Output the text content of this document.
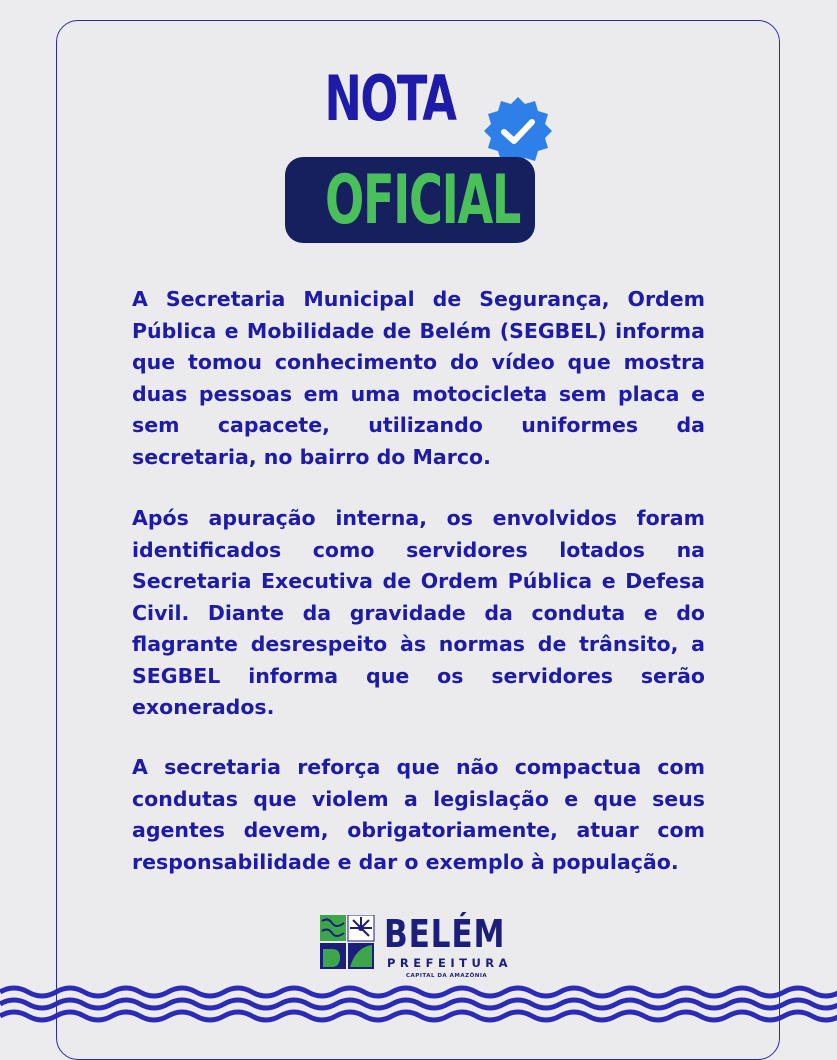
NOTA
OFICIAL

A Secretaria Municipal de Segurança, Ordem Pública e Mobilidade de Belém (SEGBEL) informa que tomou conhecimento do vídeo que mostra duas pessoas em uma motocicleta sem placa e sem capacete, utilizando uniformes da secretaria, no bairro do Marco.

Após apuração interna, os envolvidos foram identificados como servidores lotados na Secretaria Executiva de Ordem Pública e Defesa Civil. Diante da gravidade da conduta e do flagrante desrespeito às normas de trânsito, a SEGBEL informa que os servidores serão exonerados.

A secretaria reforça que não compactua com condutas que violem a legislação e que seus agentes devem, obrigatoriamente, atuar com responsabilidade e dar o exemplo à população.

BELÉM
PREFEITURA
CAPITAL DA AMAZÔNIA
